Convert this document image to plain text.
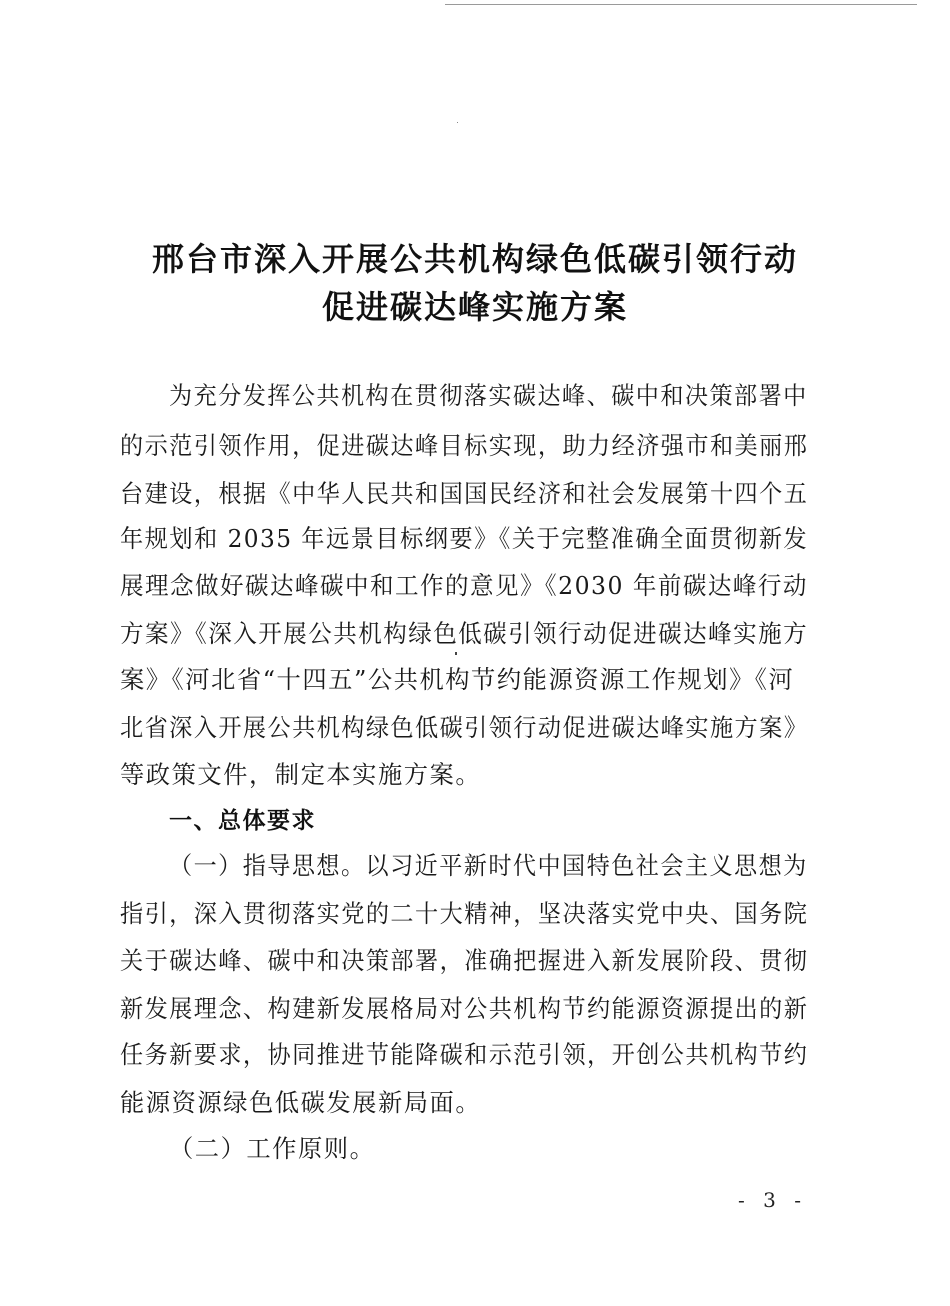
邢台市深入开展公共机构绿色低碳引领行动
促进碳达峰实施方案
为充分发挥公共机构在贯彻落实碳达峰、碳中和决策部署中
的示范引领作用，促进碳达峰目标实现，助力经济强市和美丽邢
台建设，根据《中华人民共和国国民经济和社会发展第十四个五
年规划和 2035 年远景目标纲要》《关于完整准确全面贯彻新发
展理念做好碳达峰碳中和工作的意见》《2030 年前碳达峰行动
方案》《深入开展公共机构绿色低碳引领行动促进碳达峰实施方
案》《河北省“十四五”公共机构节约能源资源工作规划》《河
北省深入开展公共机构绿色低碳引领行动促进碳达峰实施方案》
等政策文件，制定本实施方案。
一、总体要求
（一）指导思想。以习近平新时代中国特色社会主义思想为
指引，深入贯彻落实党的二十大精神，坚决落实党中央、国务院
关于碳达峰、碳中和决策部署，准确把握进入新发展阶段、贯彻
新发展理念、构建新发展格局对公共机构节约能源资源提出的新
任务新要求，协同推进节能降碳和示范引领，开创公共机构节约
能源资源绿色低碳发展新局面。
（二）工作原则。
- 3 -
